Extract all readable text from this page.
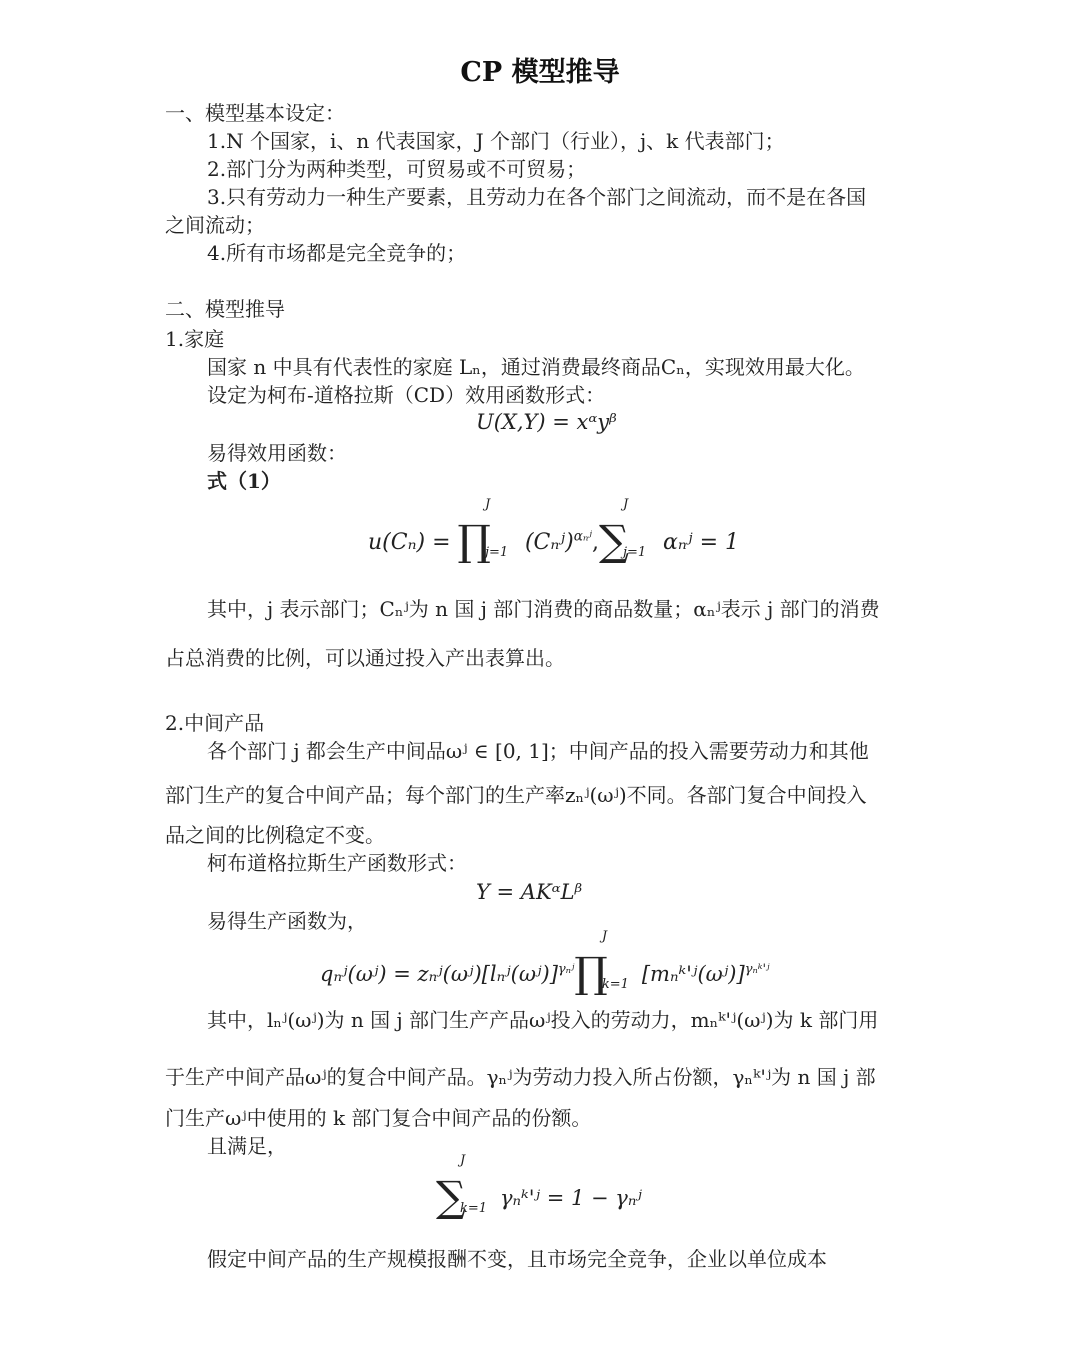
CP 模型推导
一、模型基本设定：
1.N 个国家，i、n 代表国家，J 个部门（行业），j、k 代表部门；
2.部门分为两种类型，可贸易或不可贸易；
3.只有劳动力一种生产要素，且劳动力在各个部门之间流动，而不是在各国
之间流动；
4.所有市场都是完全竞争的；
二、模型推导
1.家庭
国家 n 中具有代表性的家庭 Lₙ，通过消费最终商品Cₙ，实现效用最大化。
设定为柯布-道格拉斯（CD）效用函数形式：
U(X,Y) = xᵅyᵝ
易得效用函数：
式（1）
u(Cₙ) = ∏
J
j=1 (Cₙʲ)$^{\alpha_nʲ}$,∑
J
j=1 αₙʲ = 1
其中，j 表示部门；Cₙʲ为 n 国 j 部门消费的商品数量；αₙʲ表示 j 部门的消费
占总消费的比例，可以通过投入产出表算出。
2.中间产品
各个部门 j 都会生产中间品ωʲ ∈ [0, 1]；中间产品的投入需要劳动力和其他
部门生产的复合中间产品；每个部门的生产率zₙʲ(ωʲ)不同。各部门复合中间投入
品之间的比例稳定不变。
柯布道格拉斯生产函数形式：
Y = AKᵅLᵝ
易得生产函数为，
qₙʲ(ωʲ) = zₙʲ(ωʲ)[lₙʲ(ωʲ)]$^{\gamma_nʲ}$∏
J
k=1 [mₙᵏ'ʲ(ωʲ)]$^{\gamma_nᵏ'ʲ}$
其中，lₙʲ(ωʲ)为 n 国 j 部门生产产品ωʲ投入的劳动力，mₙᵏ'ʲ(ωʲ)为 k 部门用
于生产中间产品ωʲ的复合中间产品。γₙʲ为劳动力投入所占份额，γₙᵏ'ʲ为 n 国 j 部
门生产ωʲ中使用的 k 部门复合中间产品的份额。
且满足，
∑
J
k=1 γₙᵏ'ʲ = 1 − γₙʲ
假定中间产品的生产规模报酬不变，且市场完全竞争，企业以单位成本
